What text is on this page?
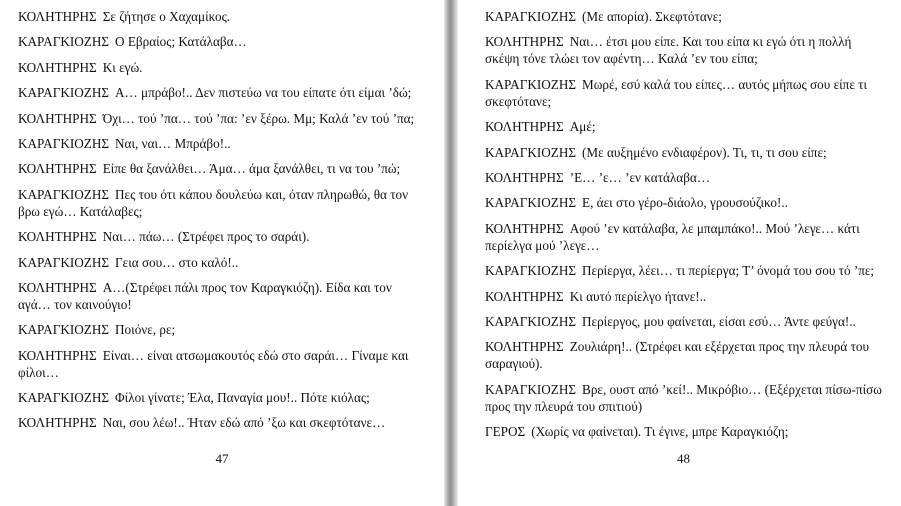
ΚΟΛΗΤΗΡΗΣ Σε ζήτησε ο Χαχαμίκος.

ΚΑΡΑΓΚΙΟΖΗΣ Ο Εβραίος; Κατάλαβα…

ΚΟΛΗΤΗΡΗΣ Κι εγώ.

ΚΑΡΑΓΚΙΟΖΗΣ Α… μπράβο!.. Δεν πιστεύω να του είπατε ότι είμαι ’δώ;

ΚΟΛΗΤΗΡΗΣ Όχι… τού ’πα… τού ’πα: ’εν ξέρω. Μμ; Καλά ’εν τού ’πα;

ΚΑΡΑΓΚΙΟΖΗΣ Ναι, ναι… Μπράβο!..

ΚΟΛΗΤΗΡΗΣ Είπε θα ξανάλθει… Άμα… άμα ξανάλθει, τι να του ’πώ;

ΚΑΡΑΓΚΙΟΖΗΣ Πες του ότι κάπου δουλεύω και, όταν πληρωθώ, θα τον βρω εγώ… Κατάλαβες;

ΚΟΛΗΤΗΡΗΣ Ναι… πάω… (Στρέφει προς το σαράι).

ΚΑΡΑΓΚΙΟΖΗΣ Γεια σου… στο καλό!..

ΚΟΛΗΤΗΡΗΣ Α…(Στρέφει πάλι προς τον Καραγκιόζη). Είδα και τον αγά… τον καινούγιο!

ΚΑΡΑΓΚΙΟΖΗΣ Ποιόνε, ρε;

ΚΟΛΗΤΗΡΗΣ Είναι… είναι ατσωμακουτός εδώ στο σαράι… Γίναμε και φίλοι…

ΚΑΡΑΓΚΙΟΖΗΣ Φίλοι γίνατε; Έλα, Παναγία μου!.. Πότε κιόλας;

ΚΟΛΗΤΗΡΗΣ Ναι, σου λέω!.. Ήταν εδώ από ’ξω και σκεφτότανε…

47

ΚΑΡΑΓΚΙΟΖΗΣ (Με απορία). Σκεφτότανε;

ΚΟΛΗΤΗΡΗΣ Ναι… έτσι μου είπε. Και του είπα κι εγώ ότι η πολλή σκέψη τόνε τλώει τον αφέντη… Καλά ’εν του είπα;

ΚΑΡΑΓΚΙΟΖΗΣ Μωρέ, εσύ καλά του είπες… αυτός μήπως σου είπε τι σκεφτότανε;

ΚΟΛΗΤΗΡΗΣ Αμέ;

ΚΑΡΑΓΚΙΟΖΗΣ (Με αυξημένο ενδιαφέρον). Τι, τι, τι σου είπε;

ΚΟΛΗΤΗΡΗΣ ’Ε… ’ε… ’εν κατάλαβα…

ΚΑΡΑΓΚΙΟΖΗΣ Ε, άει στο γέρο-διάολο, γρουσούζικο!..

ΚΟΛΗΤΗΡΗΣ Αφού ’εν κατάλαβα, λε μπαμπάκο!.. Μού ’λεγε… κάτι περίελγα μού ’λεγε…

ΚΑΡΑΓΚΙΟΖΗΣ Περίεργα, λέει… τι περίεργα; Τ’ όνομά του σου τό ’πε;

ΚΟΛΗΤΗΡΗΣ Κι αυτό περίελγο ήτανε!..

ΚΑΡΑΓΚΙΟΖΗΣ Περίεργος, μου φαίνεται, είσαι εσύ… Άντε φεύγα!..

ΚΟΛΗΤΗΡΗΣ Ζουλιάρη!.. (Στρέφει και εξέρχεται προς την πλευρά του σαραγιού).

ΚΑΡΑΓΚΙΟΖΗΣ Βρε, ουστ από ’κεί!.. Μικρόβιο… (Εξέρχεται πίσω-πίσω προς την πλευρά του σπιτιού)

ΓΕΡΟΣ (Χωρίς να φαίνεται). Τι έγινε, μπρε Καραγκιόζη;

48
